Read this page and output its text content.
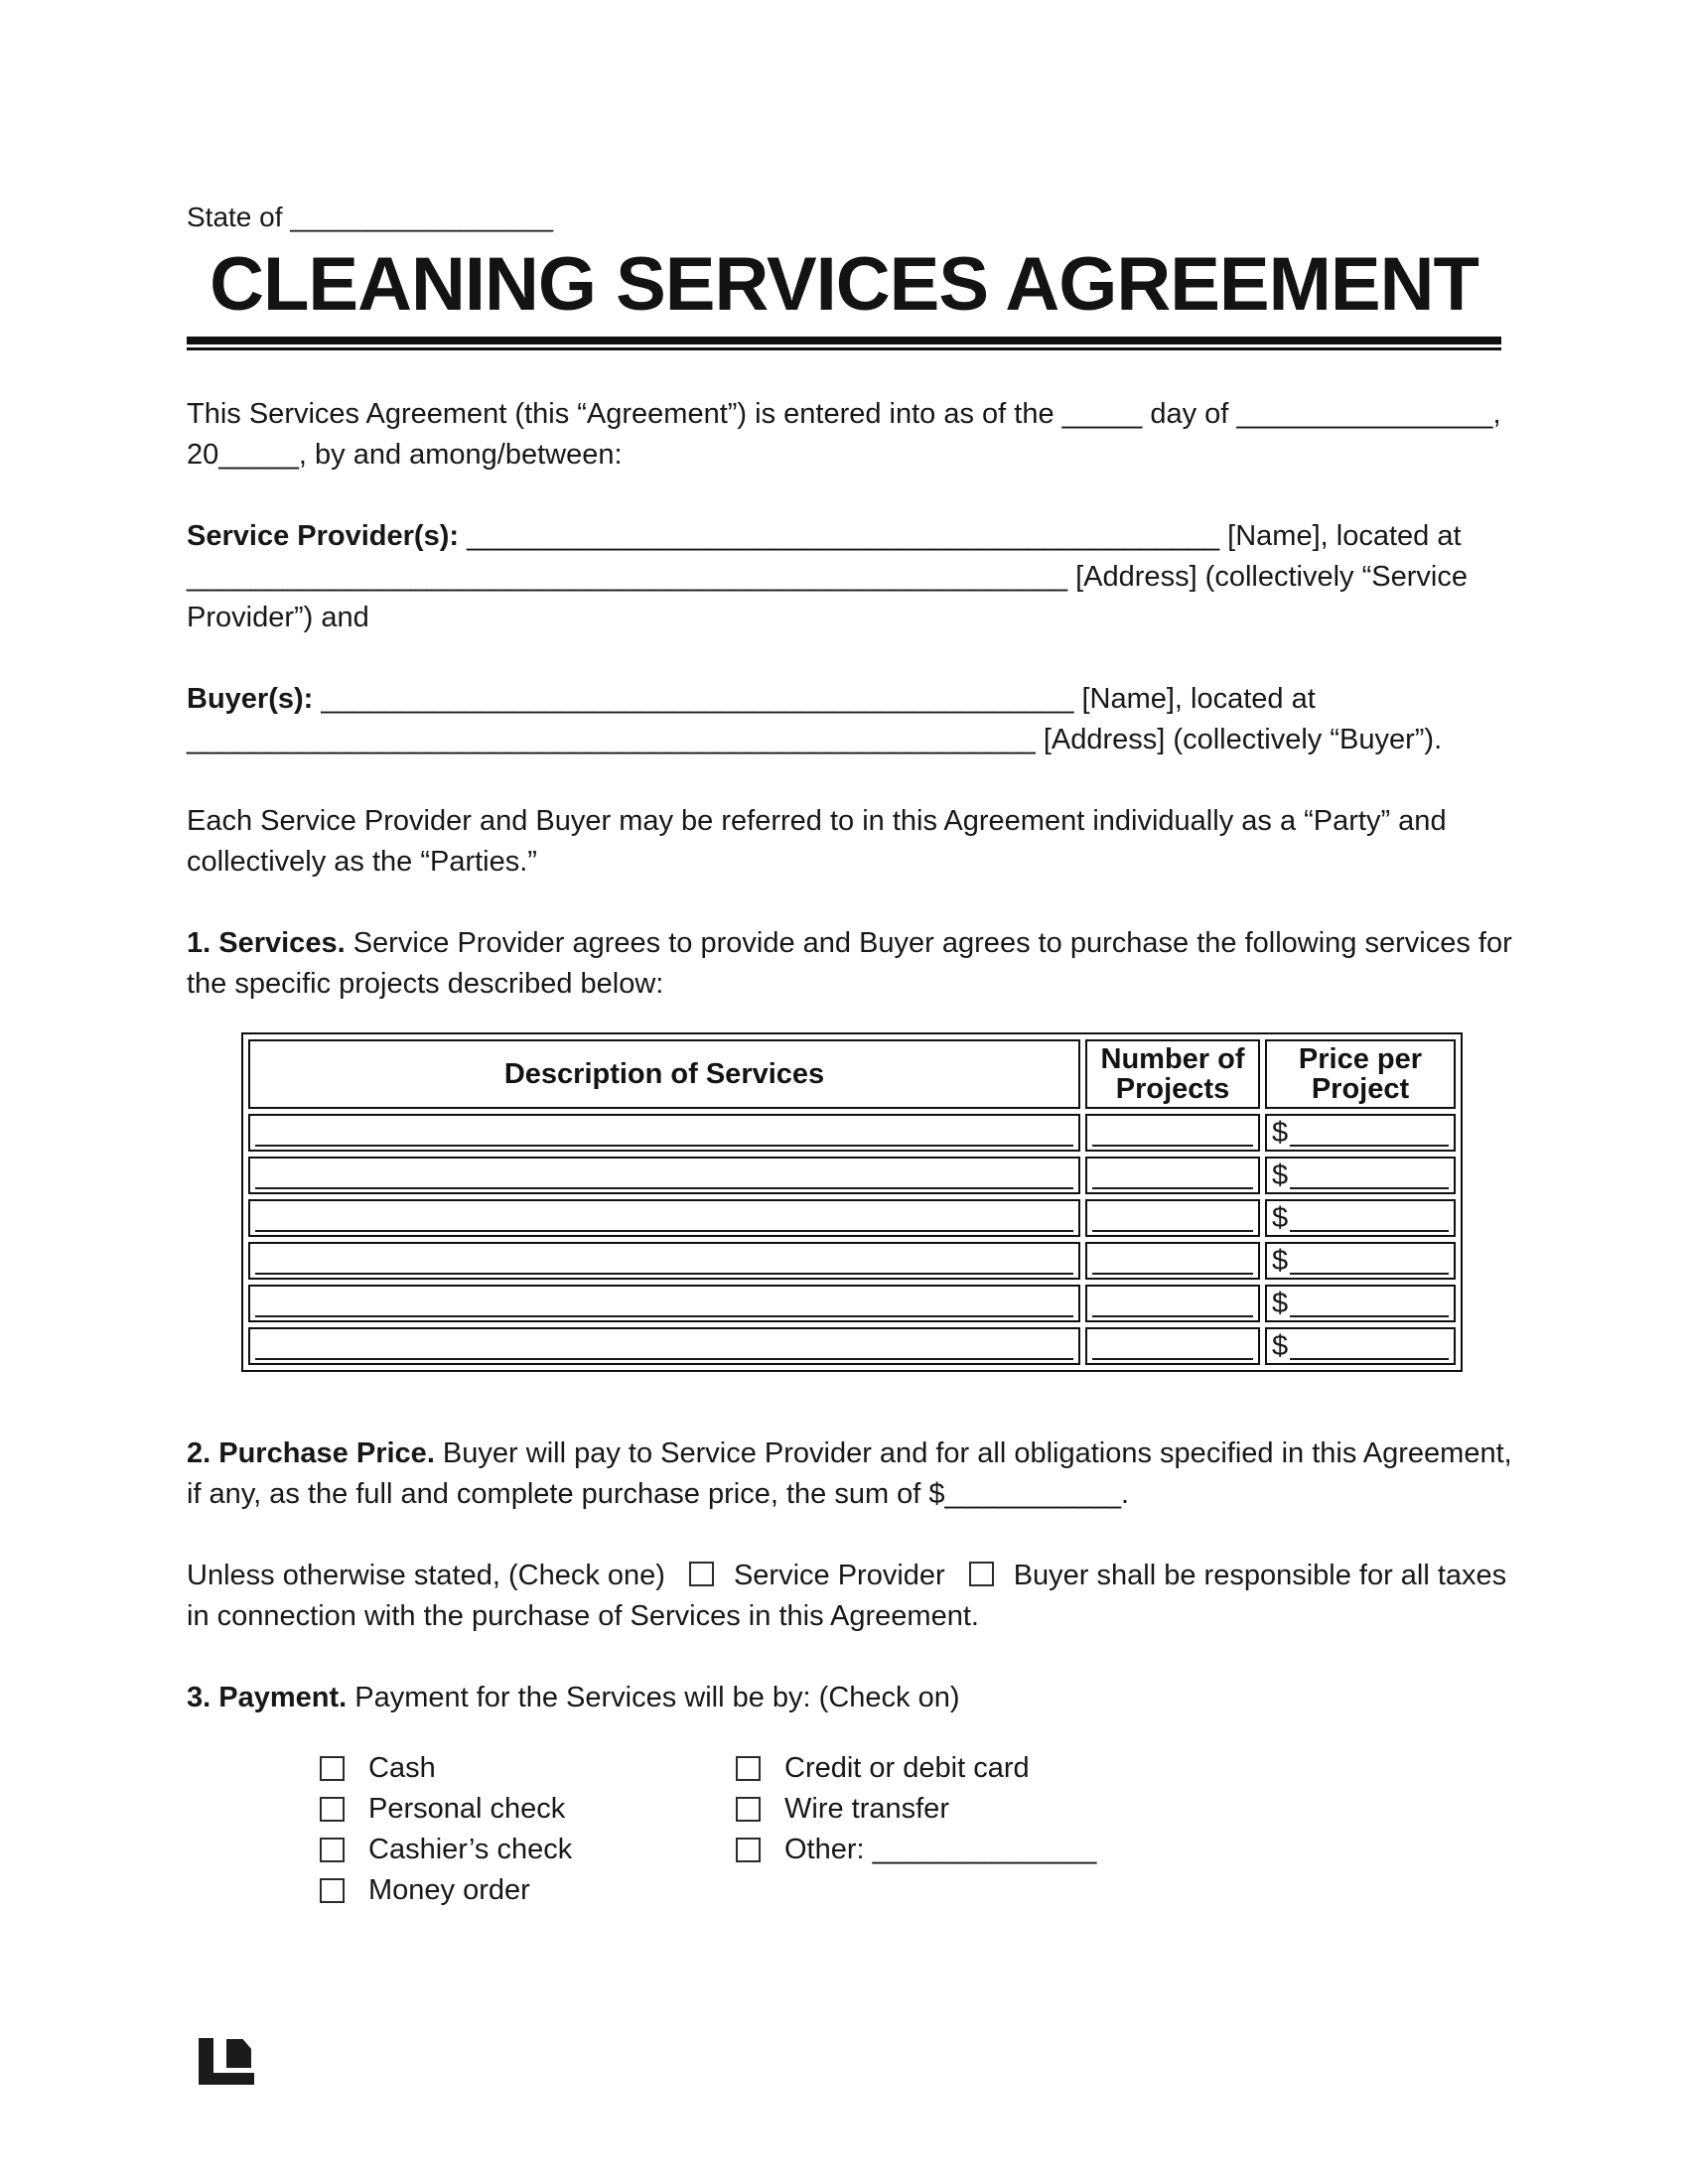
State of _________________
CLEANING SERVICES AGREEMENT
This Services Agreement (this “Agreement”) is entered into as of the _____ day of ________________,
20_____, by and among/between:
Service Provider(s): _______________________________________________ [Name], located at
_______________________________________________________ [Address] (collectively “Service
Provider”) and
Buyer(s): _______________________________________________ [Name], located at
_____________________________________________________ [Address] (collectively “Buyer”).
Each Service Provider and Buyer may be referred to in this Agreement individually as a “Party” and
collectively as the “Parties.”
1. Services. Service Provider agrees to provide and Buyer agrees to purchase the following services for
the specific projects described below:
Description of Services	Number of Projects	Price per Project

		$

		$

		$

		$

		$

		$
2. Purchase Price. Buyer will pay to Service Provider and for all obligations specified in this Agreement,
if any, as the full and complete purchase price, the sum of $___________.
Unless otherwise stated, (Check one) Service Provider Buyer shall be responsible for all taxes
in connection with the purchase of Services in this Agreement.
3. Payment. Payment for the Services will be by: (Check on)
Cash
Personal check
Cashier’s check
Money order
Credit or debit card
Wire transfer
Other: ______________
